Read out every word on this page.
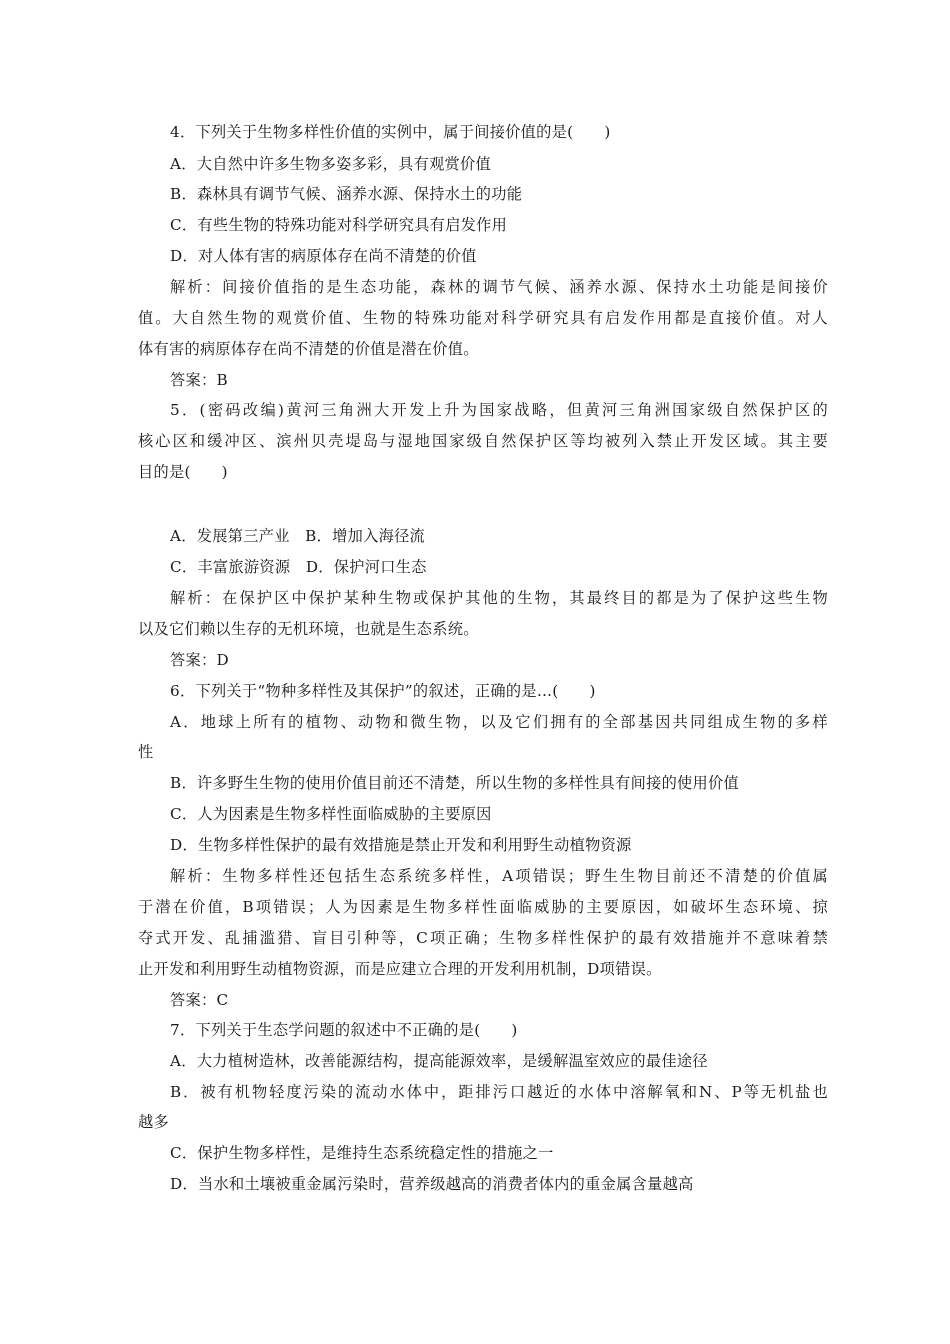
4．下列关于生物多样性价值的实例中，属于间接价值的是(　　)
A．大自然中许多生物多姿多彩，具有观赏价值
B．森林具有调节气候、涵养水源、保持水土的功能
C．有些生物的特殊功能对科学研究具有启发作用
D．对人体有害的病原体存在尚不清楚的价值
解析：间接价值指的是生态功能，森林的调节气候、涵养水源、保持水土功能是间接价
值。大自然生物的观赏价值、生物的特殊功能对科学研究具有启发作用都是直接价值。对人
体有害的病原体存在尚不清楚的价值是潜在价值。
答案：B
5．(密码改编)黄河三角洲大开发上升为国家战略，但黄河三角洲国家级自然保护区的
核心区和缓冲区、滨州贝壳堤岛与湿地国家级自然保护区等均被列入禁止开发区域。其主要
目的是(　　)
A．发展第三产业　B．增加入海径流
C．丰富旅游资源　D．保护河口生态
解析：在保护区中保护某种生物或保护其他的生物，其最终目的都是为了保护这些生物
以及它们赖以生存的无机环境，也就是生态系统。
答案：D
6．下列关于“物种多样性及其保护”的叙述，正确的是…(　　)
A．地球上所有的植物、动物和微生物，以及它们拥有的全部基因共同组成生物的多样
性
B．许多野生生物的使用价值目前还不清楚，所以生物的多样性具有间接的使用价值
C．人为因素是生物多样性面临威胁的主要原因
D．生物多样性保护的最有效措施是禁止开发和利用野生动植物资源
解析：生物多样性还包括生态系统多样性，A项错误；野生生物目前还不清楚的价值属
于潜在价值，B项错误；人为因素是生物多样性面临威胁的主要原因，如破坏生态环境、掠
夺式开发、乱捕滥猎、盲目引种等，C项正确；生物多样性保护的最有效措施并不意味着禁
止开发和利用野生动植物资源，而是应建立合理的开发利用机制，D项错误。
答案：C
7．下列关于生态学问题的叙述中不正确的是(　　)
A．大力植树造林，改善能源结构，提高能源效率，是缓解温室效应的最佳途径
B．被有机物轻度污染的流动水体中，距排污口越近的水体中溶解氧和N、P等无机盐也
越多
C．保护生物多样性，是维持生态系统稳定性的措施之一
D．当水和土壤被重金属污染时，营养级越高的消费者体内的重金属含量越高
